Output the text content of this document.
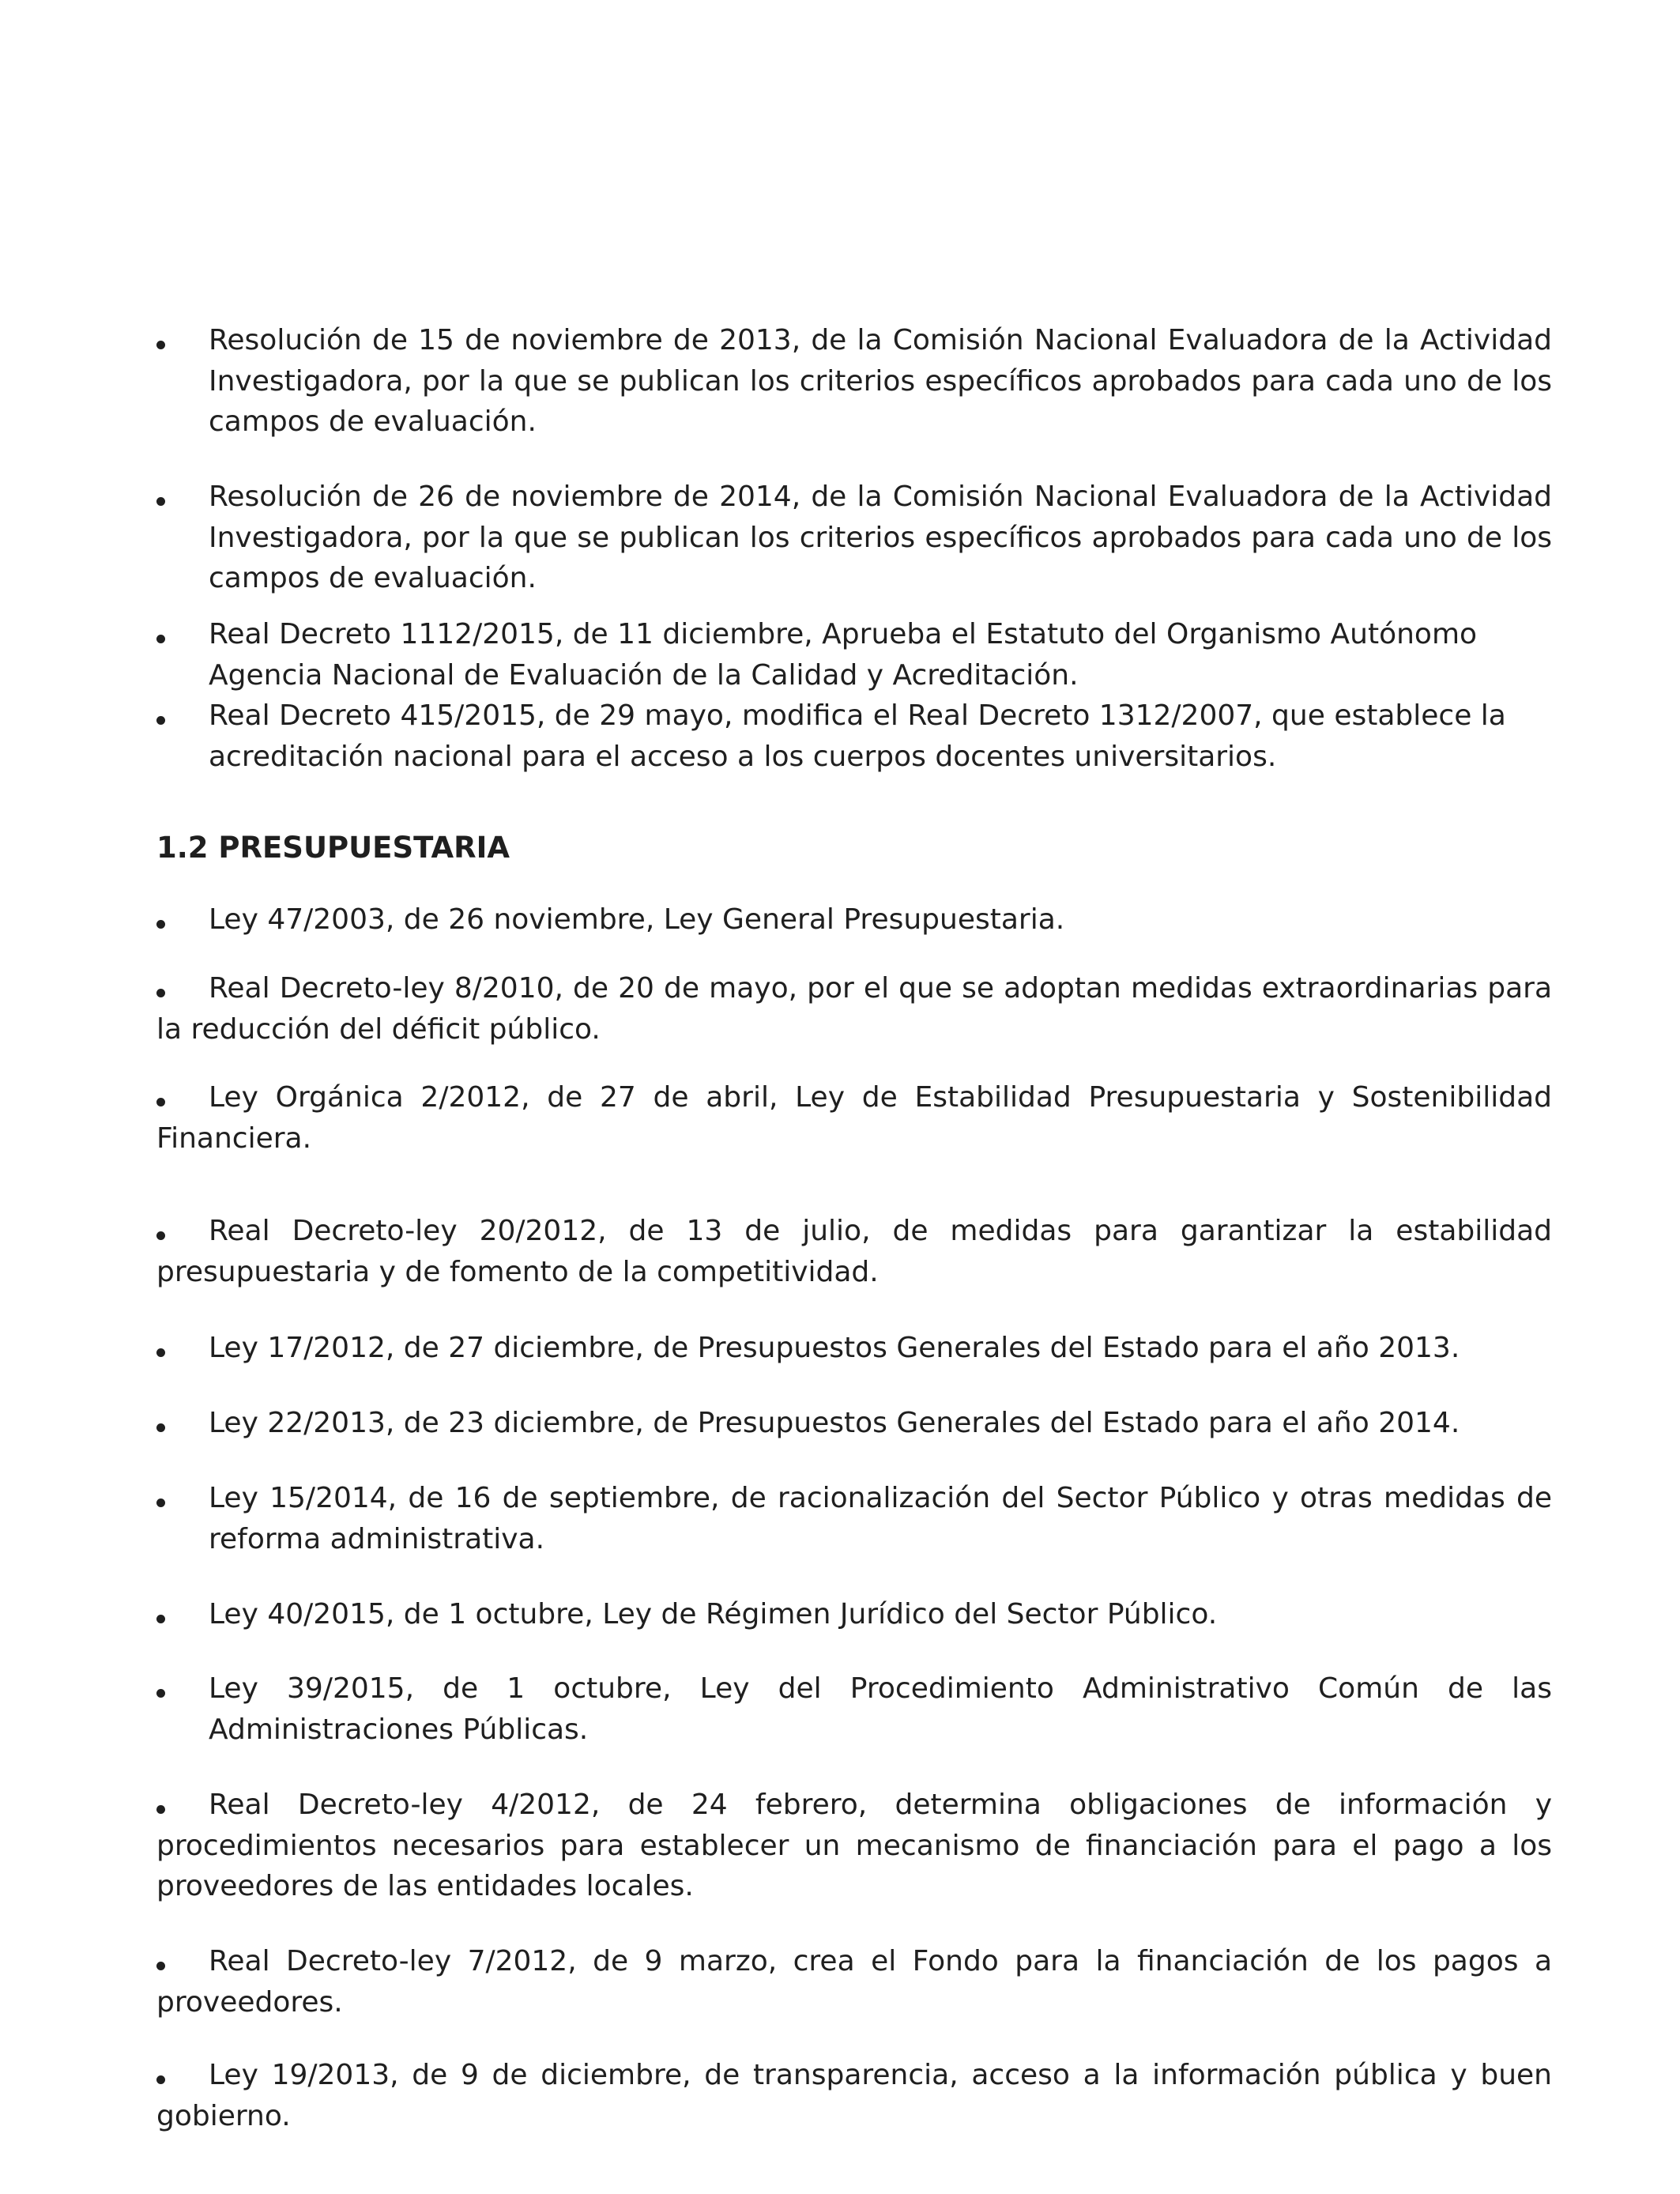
Resolución de 15 de noviembre de 2013, de la Comisión Nacional Evaluadora de la Actividad Investigadora, por la que se publican los criterios específicos aprobados para cada uno de los campos de evaluación.
Resolución de 26 de noviembre de 2014, de la Comisión Nacional Evaluadora de la Actividad Investigadora, por la que se publican los criterios específicos aprobados para cada uno de los campos de evaluación.
Real Decreto 1112/2015, de 11 diciembre, Aprueba el Estatuto del Organismo Autónomo Agencia Nacional de Evaluación de la Calidad y Acreditación.
Real Decreto 415/2015, de 29 mayo, modifica el Real Decreto 1312/2007, que establece la acreditación nacional para el acceso a los cuerpos docentes universitarios.
1.2 PRESUPUESTARIA
Ley 47/2003, de 26 noviembre, Ley General Presupuestaria.
Real Decreto-ley 8/2010, de 20 de mayo, por el que se adoptan medidas extraordinarias para la reducción del déficit público.
Ley Orgánica 2/2012, de 27 de abril, Ley de Estabilidad Presupuestaria y Sostenibilidad Financiera.
Real Decreto-ley 20/2012, de 13 de julio, de medidas para garantizar la estabilidad presupuestaria y de fomento de la competitividad.
Ley 17/2012, de 27 diciembre, de Presupuestos Generales del Estado para el año 2013.
Ley 22/2013, de 23 diciembre, de Presupuestos Generales del Estado para el año 2014.
Ley 15/2014, de 16 de septiembre, de racionalización del Sector Público y otras medidas de reforma administrativa.
Ley 40/2015, de 1 octubre, Ley de Régimen Jurídico del Sector Público.
Ley 39/2015, de 1 octubre, Ley del Procedimiento Administrativo Común de las Administraciones Públicas.
Real Decreto-ley 4/2012, de 24 febrero, determina obligaciones de información y procedimientos necesarios para establecer un mecanismo de financiación para el pago a los proveedores de las entidades locales.
Real Decreto-ley 7/2012, de 9 marzo, crea el Fondo para la financiación de los pagos a proveedores.
Ley 19/2013, de 9 de diciembre, de transparencia, acceso a la información pública y buen gobierno.
